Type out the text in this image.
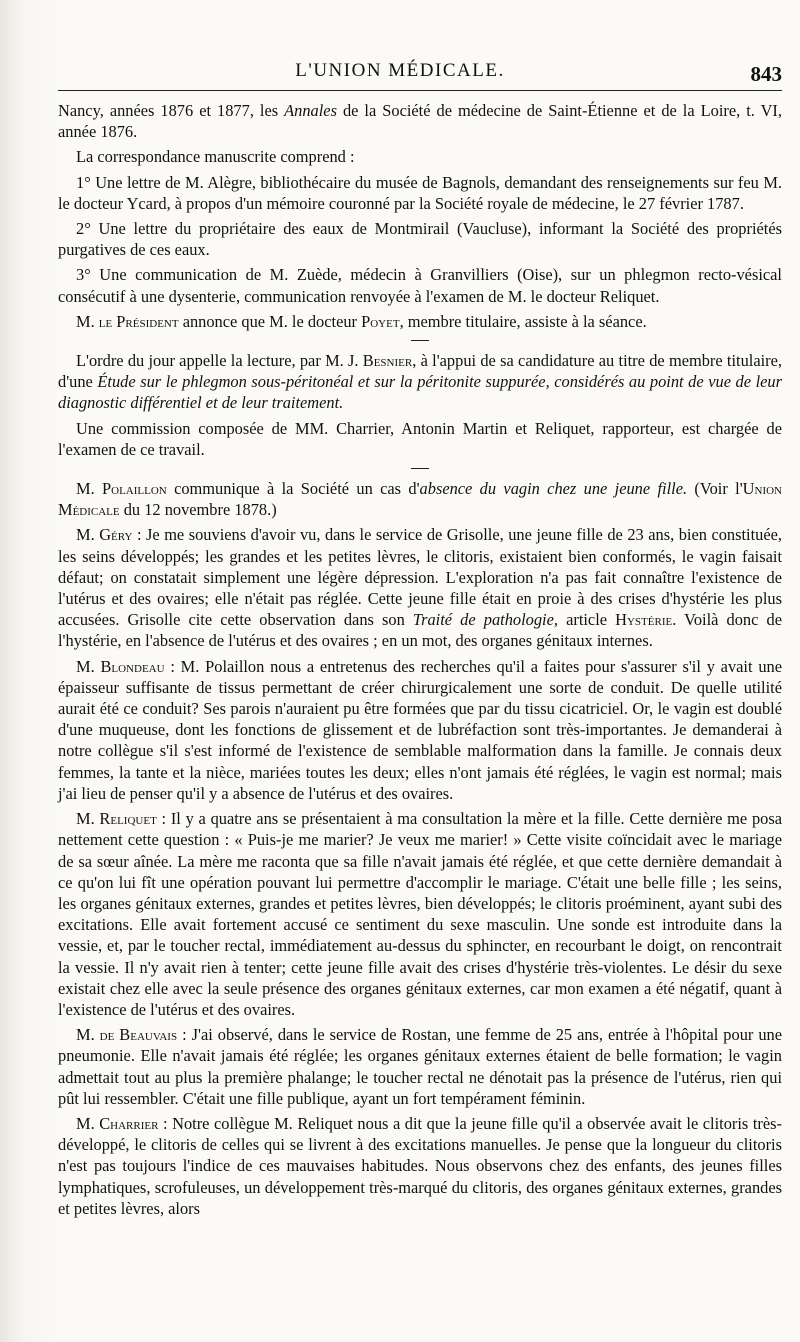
L'UNION MÉDICALE.	843

Nancy, années 1876 et 1877, les Annales de la Société de médecine de Saint-Étienne et de la Loire, t. VI, année 1876.

La correspondance manuscrite comprend :

1° Une lettre de M. Alègre, bibliothécaire du musée de Bagnols, demandant des renseignements sur feu M. le docteur Ycard, à propos d'un mémoire couronné par la Société royale de médecine, le 27 février 1787.

2° Une lettre du propriétaire des eaux de Montmirail (Vaucluse), informant la Société des propriétés purgatives de ces eaux.

3° Une communication de M. Zuède, médecin à Granvilliers (Oise), sur un phlegmon recto-vésical consécutif à une dysenterie, communication renvoyée à l'examen de M. le docteur Reliquet.

M. le Président annonce que M. le docteur Poyet, membre titulaire, assiste à la séance.

L'ordre du jour appelle la lecture, par M. J. Besnier, à l'appui de sa candidature au titre de membre titulaire, d'une Étude sur le phlegmon sous-péritonéal et sur la péritonite suppurée, considérés au point de vue de leur diagnostic différentiel et de leur traitement.

Une commission composée de MM. Charrier, Antonin Martin et Reliquet, rapporteur, est chargée de l'examen de ce travail.

M. Polaillon communique à la Société un cas d'absence du vagin chez une jeune fille. (Voir l'Union Médicale du 12 novembre 1878.)

M. Géry : Je me souviens d'avoir vu, dans le service de Grisolle, une jeune fille de 23 ans, bien constituée, les seins développés; les grandes et les petites lèvres, le clitoris, existaient bien conformés, le vagin faisait défaut; on constatait simplement une légère dépression. L'exploration n'a pas fait connaître l'existence de l'utérus et des ovaires; elle n'était pas réglée. Cette jeune fille était en proie à des crises d'hystérie les plus accusées. Grisolle cite cette observation dans son Traité de pathologie, article Hystérie. Voilà donc de l'hystérie, en l'absence de l'utérus et des ovaires ; en un mot, des organes génitaux internes.

M. Blondeau : M. Polaillon nous a entretenus des recherches qu'il a faites pour s'assurer s'il y avait une épaisseur suffisante de tissus permettant de créer chirurgicalement une sorte de conduit. De quelle utilité aurait été ce conduit? Ses parois n'auraient pu être formées que par du tissu cicatriciel. Or, le vagin est doublé d'une muqueuse, dont les fonctions de glissement et de lubréfaction sont très-importantes. Je demanderai à notre collègue s'il s'est informé de l'existence de semblable malformation dans la famille. Je connais deux femmes, la tante et la nièce, mariées toutes les deux; elles n'ont jamais été réglées, le vagin est normal; mais j'ai lieu de penser qu'il y a absence de l'utérus et des ovaires.

M. Reliquet : Il y a quatre ans se présentaient à ma consultation la mère et la fille. Cette dernière me posa nettement cette question : « Puis-je me marier? Je veux me marier! » Cette visite coïncidait avec le mariage de sa sœur aînée. La mère me raconta que sa fille n'avait jamais été réglée, et que cette dernière demandait à ce qu'on lui fît une opération pouvant lui permettre d'accomplir le mariage. C'était une belle fille ; les seins, les organes génitaux externes, grandes et petites lèvres, bien développés; le clitoris proéminent, ayant subi des excitations. Elle avait fortement accusé ce sentiment du sexe masculin. Une sonde est introduite dans la vessie, et, par le toucher rectal, immédiatement au-dessus du sphincter, en recourbant le doigt, on rencontrait la vessie. Il n'y avait rien à tenter; cette jeune fille avait des crises d'hystérie très-violentes. Le désir du sexe existait chez elle avec la seule présence des organes génitaux externes, car mon examen a été négatif, quant à l'existence de l'utérus et des ovaires.

M. de Beauvais : J'ai observé, dans le service de Rostan, une femme de 25 ans, entrée à l'hôpital pour une pneumonie. Elle n'avait jamais été réglée; les organes génitaux externes étaient de belle formation; le vagin admettait tout au plus la première phalange; le toucher rectal ne dénotait pas la présence de l'utérus, rien qui pût lui ressembler. C'était une fille publique, ayant un fort tempérament féminin.

M. Charrier : Notre collègue M. Reliquet nous a dit que la jeune fille qu'il a observée avait le clitoris très-développé, le clitoris de celles qui se livrent à des excitations manuelles. Je pense que la longueur du clitoris n'est pas toujours l'indice de ces mauvaises habitudes. Nous observons chez des enfants, des jeunes filles lymphatiques, scrofuleuses, un développement très-marqué du clitoris, des organes génitaux externes, grandes et petites lèvres, alors
